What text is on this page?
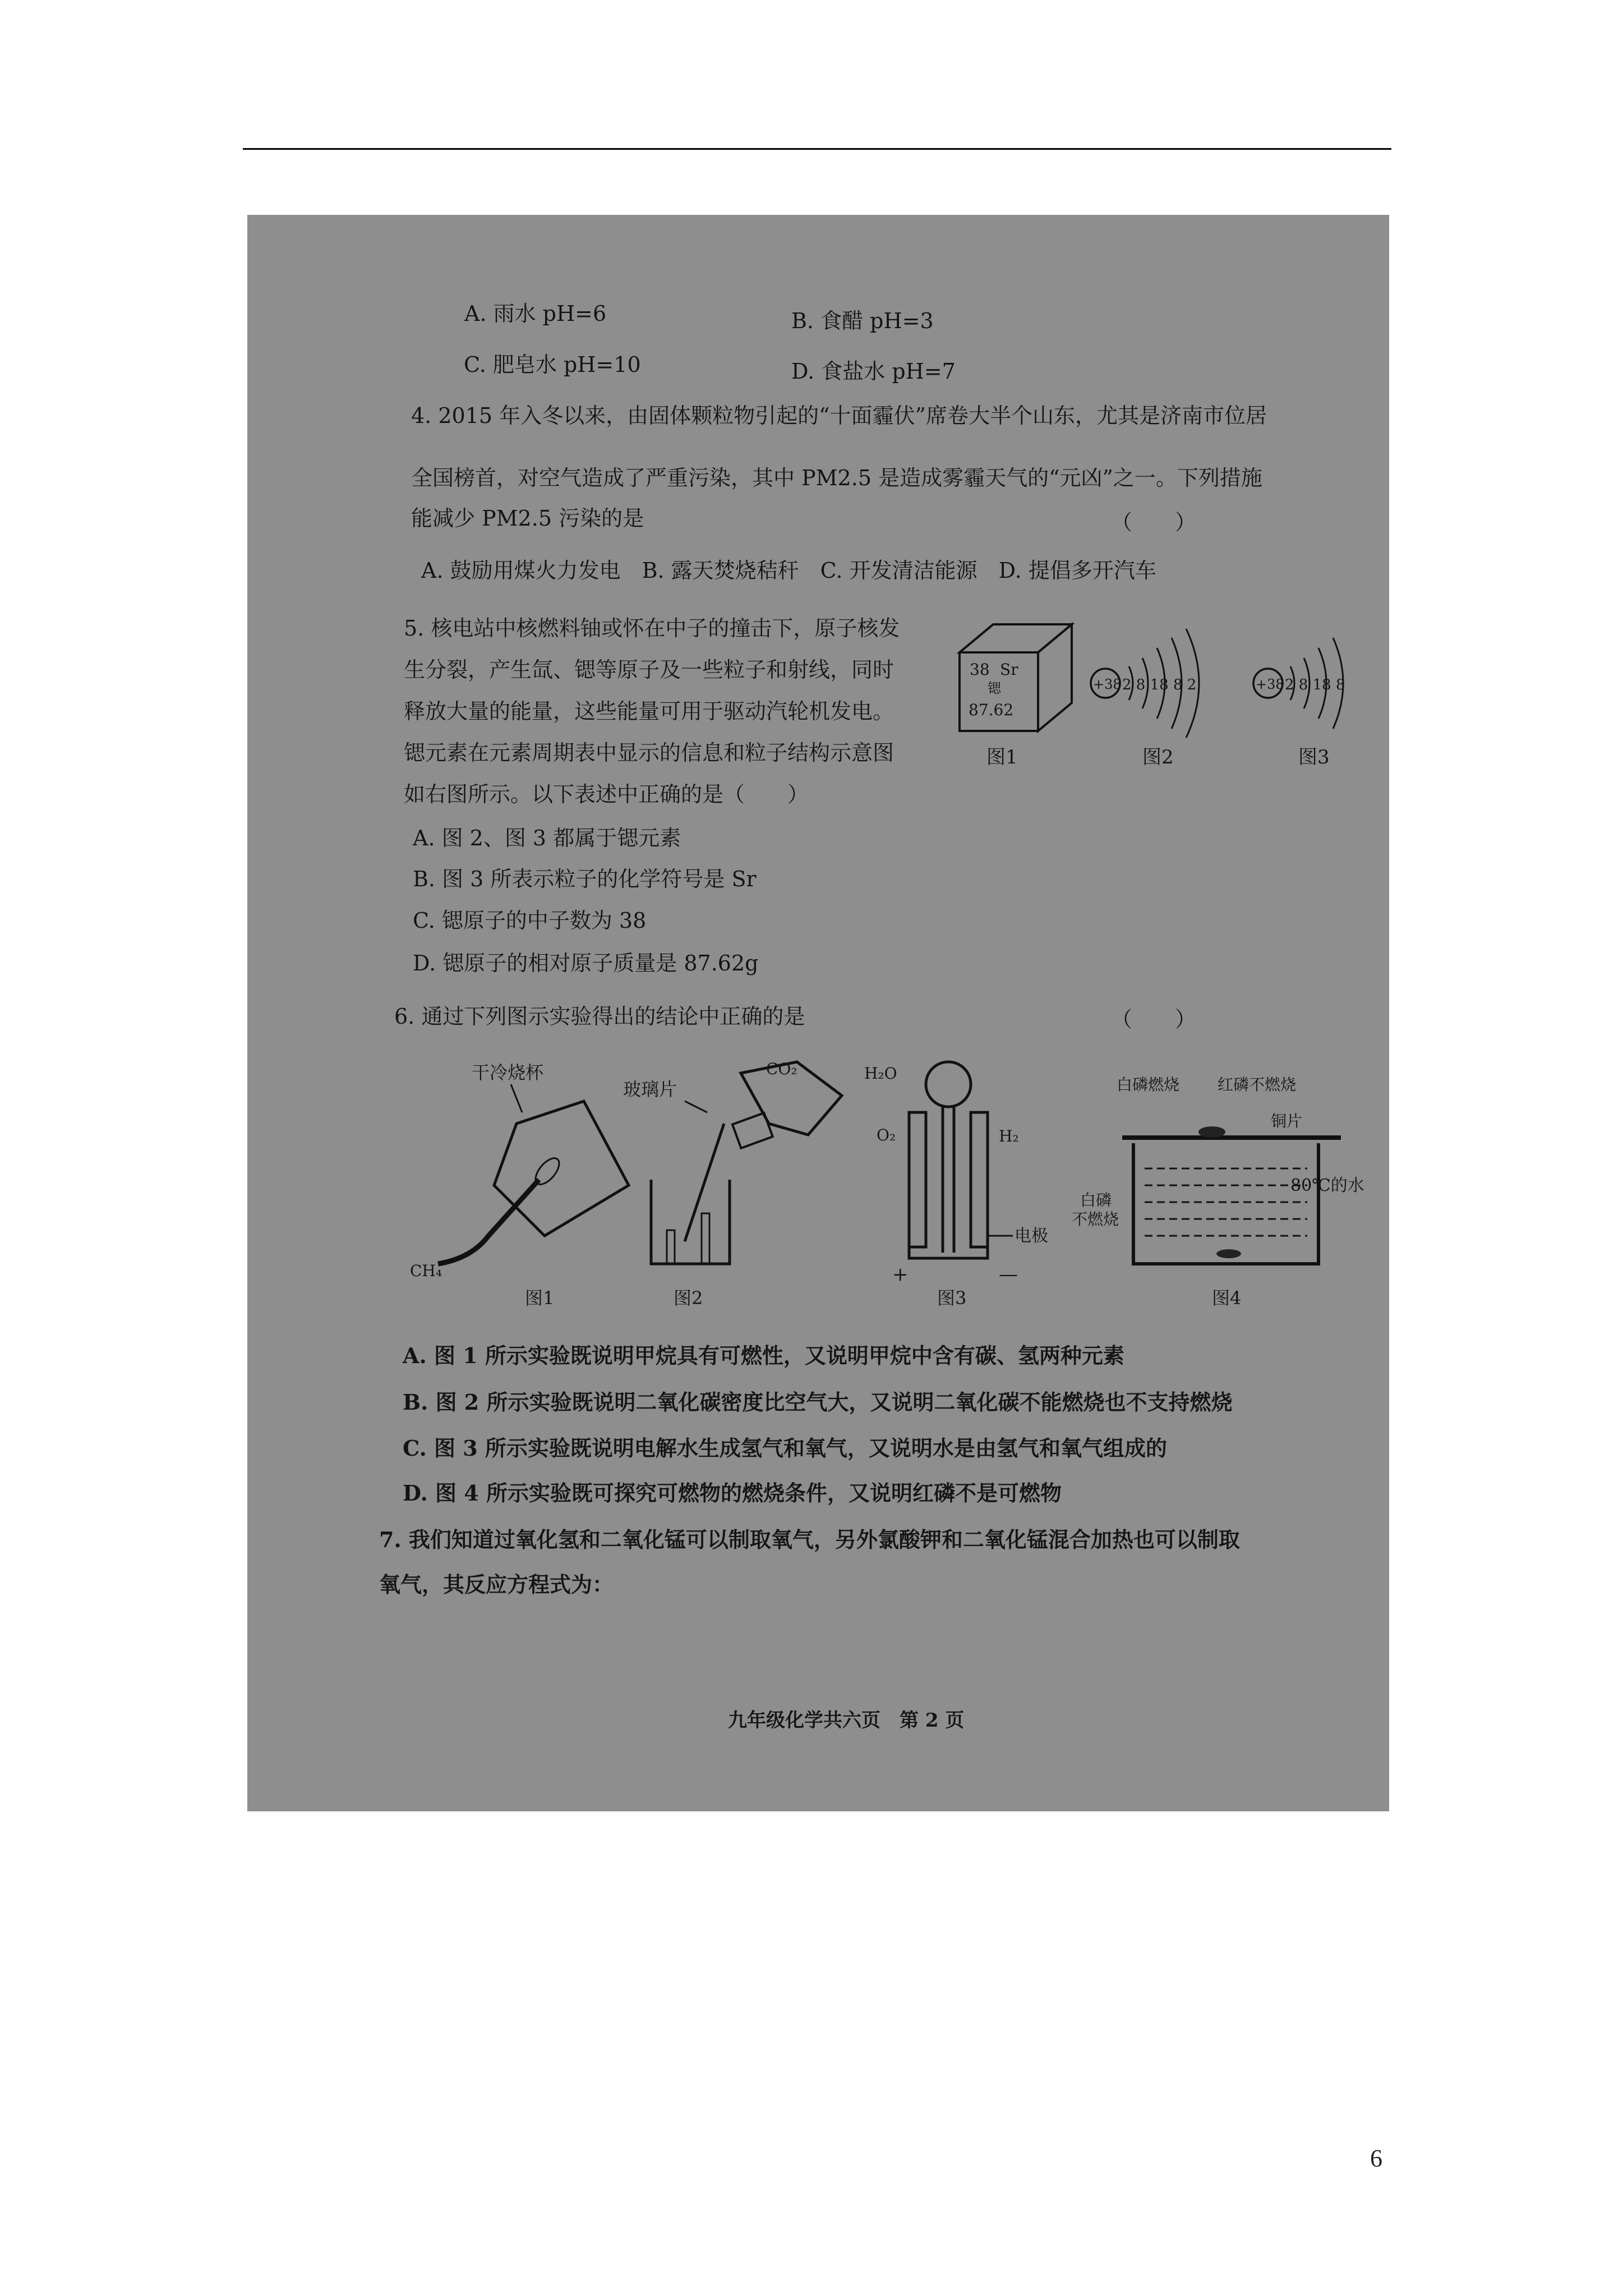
A. 雨水 pH=6	B. 食醋 pH=3
C. 肥皂水 pH=10	D. 食盐水 pH=7
4. 2015 年入冬以来，由固体颗粒物引起的“十面霾伏”席卷大半个山东，尤其是济南市位居
全国榜首，对空气造成了严重污染，其中 PM2.5 是造成雾霾天气的“元凶”之一。下列措施
能减少 PM2.5 污染的是	（　　）
A. 鼓励用煤火力发电　B. 露天焚烧秸秆　C. 开发清洁能源　D. 提倡多开汽车
5. 核电站中核燃料铀或怀在中子的撞击下，原子核发
生分裂，产生氙、锶等原子及一些粒子和射线，同时
释放大量的能量，这些能量可用于驱动汽轮机发电。
锶元素在元素周期表中显示的信息和粒子结构示意图
如右图所示。以下表述中正确的是（　　）
A. 图 2、图 3 都属于锶元素
B. 图 3 所表示粒子的化学符号是 Sr
C. 锶原子的中子数为 38
D. 锶原子的相对原子质量是 87.62g
38 Sr
锶
87.62
图1
+38 2 8 18 8 2
图2
+38 2 8 18 8
图3
6. 通过下列图示实验得出的结论中正确的是	（　　）
干冷烧杯
CH₄
图1
玻璃片
CO₂
图2
H₂O
O₂	H₂
电极
+	—
图3
白磷燃烧 红磷不燃烧
铜片
80℃的水
白磷
不燃烧
图4
A. 图 1 所示实验既说明甲烷具有可燃性，又说明甲烷中含有碳、氢两种元素
B. 图 2 所示实验既说明二氧化碳密度比空气大，又说明二氧化碳不能燃烧也不支持燃烧
C. 图 3 所示实验既说明电解水生成氢气和氧气，又说明水是由氢气和氧气组成的
D. 图 4 所示实验既可探究可燃物的燃烧条件，又说明红磷不是可燃物
7. 我们知道过氧化氢和二氧化锰可以制取氧气，另外氯酸钾和二氧化锰混合加热也可以制取
氧气，其反应方程式为：
九年级化学共六页　第 2 页
6
